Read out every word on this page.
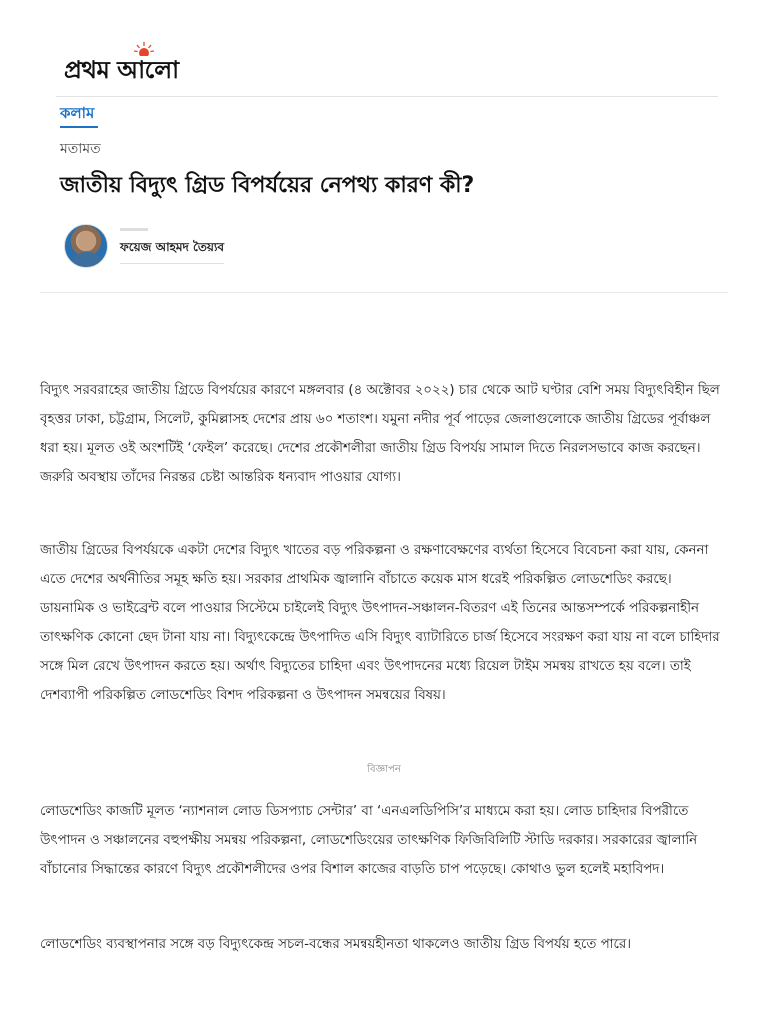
প্রথম আলো
কলাম
মতামত
জাতীয় বিদ্যুৎ গ্রিড বিপর্যয়ের নেপথ্য কারণ কী?
ফয়েজ আহমদ তৈয়্যব

বিদ্যুৎ সরবরাহের জাতীয় গ্রিডে বিপর্যয়ের কারণে মঙ্গলবার (৪ অক্টোবর ২০২২) চার থেকে আট ঘণ্টার বেশি সময় বিদ্যুৎবিহীন ছিল বৃহত্তর ঢাকা, চট্টগ্রাম, সিলেট, কুমিল্লাসহ দেশের প্রায় ৬০ শতাংশ। যমুনা নদীর পূর্ব পাড়ের জেলাগুলোকে জাতীয় গ্রিডের পূর্বাঞ্চল ধরা হয়। মূলত ওই অংশটিই ‘ফেইল’ করেছে। দেশের প্রকৌশলীরা জাতীয় গ্রিড বিপর্যয় সামাল দিতে নিরলসভাবে কাজ করছেন। জরুরি অবস্থায় তাঁদের নিরন্তর চেষ্টা আন্তরিক ধন্যবাদ পাওয়ার যোগ্য।

জাতীয় গ্রিডের বিপর্যয়কে একটা দেশের বিদ্যুৎ খাতের বড় পরিকল্পনা ও রক্ষণাবেক্ষণের ব্যর্থতা হিসেবে বিবেচনা করা যায়, কেননা এতে দেশের অর্থনীতির সমূহ ক্ষতি হয়। সরকার প্রাথমিক জ্বালানি বাঁচাতে কয়েক মাস ধরেই পরিকল্পিত লোডশেডিং করছে। ডায়নামিক ও ভাইব্রেন্ট বলে পাওয়ার সিস্টেমে চাইলেই বিদ্যুৎ উৎপাদন-সঞ্চালন-বিতরণ এই তিনের আন্তসম্পর্কে পরিকল্পনাহীন তাৎক্ষণিক কোনো ছেদ টানা যায় না। বিদ্যুৎকেন্দ্রে উৎপাদিত এসি বিদ্যুৎ ব্যাটারিতে চার্জ হিসেবে সংরক্ষণ করা যায় না বলে চাহিদার সঙ্গে মিল রেখে উৎপাদন করতে হয়। অর্থাৎ বিদ্যুতের চাহিদা এবং উৎপাদনের মধ্যে রিয়েল টাইম সমন্বয় রাখতে হয় বলে। তাই দেশব্যাপী পরিকল্পিত লোডশেডিং বিশদ পরিকল্পনা ও উৎপাদন সমন্বয়ের বিষয়।

বিজ্ঞাপন

লোডশেডিং কাজটি মূলত ‘ন্যাশনাল লোড ডিসপ্যাচ সেন্টার’ বা ‘এনএলডিপিসি’র মাধ্যমে করা হয়। লোড চাহিদার বিপরীতে উৎপাদন ও সঞ্চালনের বহুপক্ষীয় সমন্বয় পরিকল্পনা, লোডশেডিংয়ের তাৎক্ষণিক ফিজিবিলিটি স্টাডি দরকার। সরকারের জ্বালানি বাঁচানোর সিদ্ধান্তের কারণে বিদ্যুৎ প্রকৌশলীদের ওপর বিশাল কাজের বাড়তি চাপ পড়েছে। কোথাও ভুল হলেই মহাবিপদ।

লোডশেডিং ব্যবস্থাপনার সঙ্গে বড় বিদ্যুৎকেন্দ্র সচল-বন্ধের সমন্বয়হীনতা থাকলেও জাতীয় গ্রিড বিপর্যয় হতে পারে।
